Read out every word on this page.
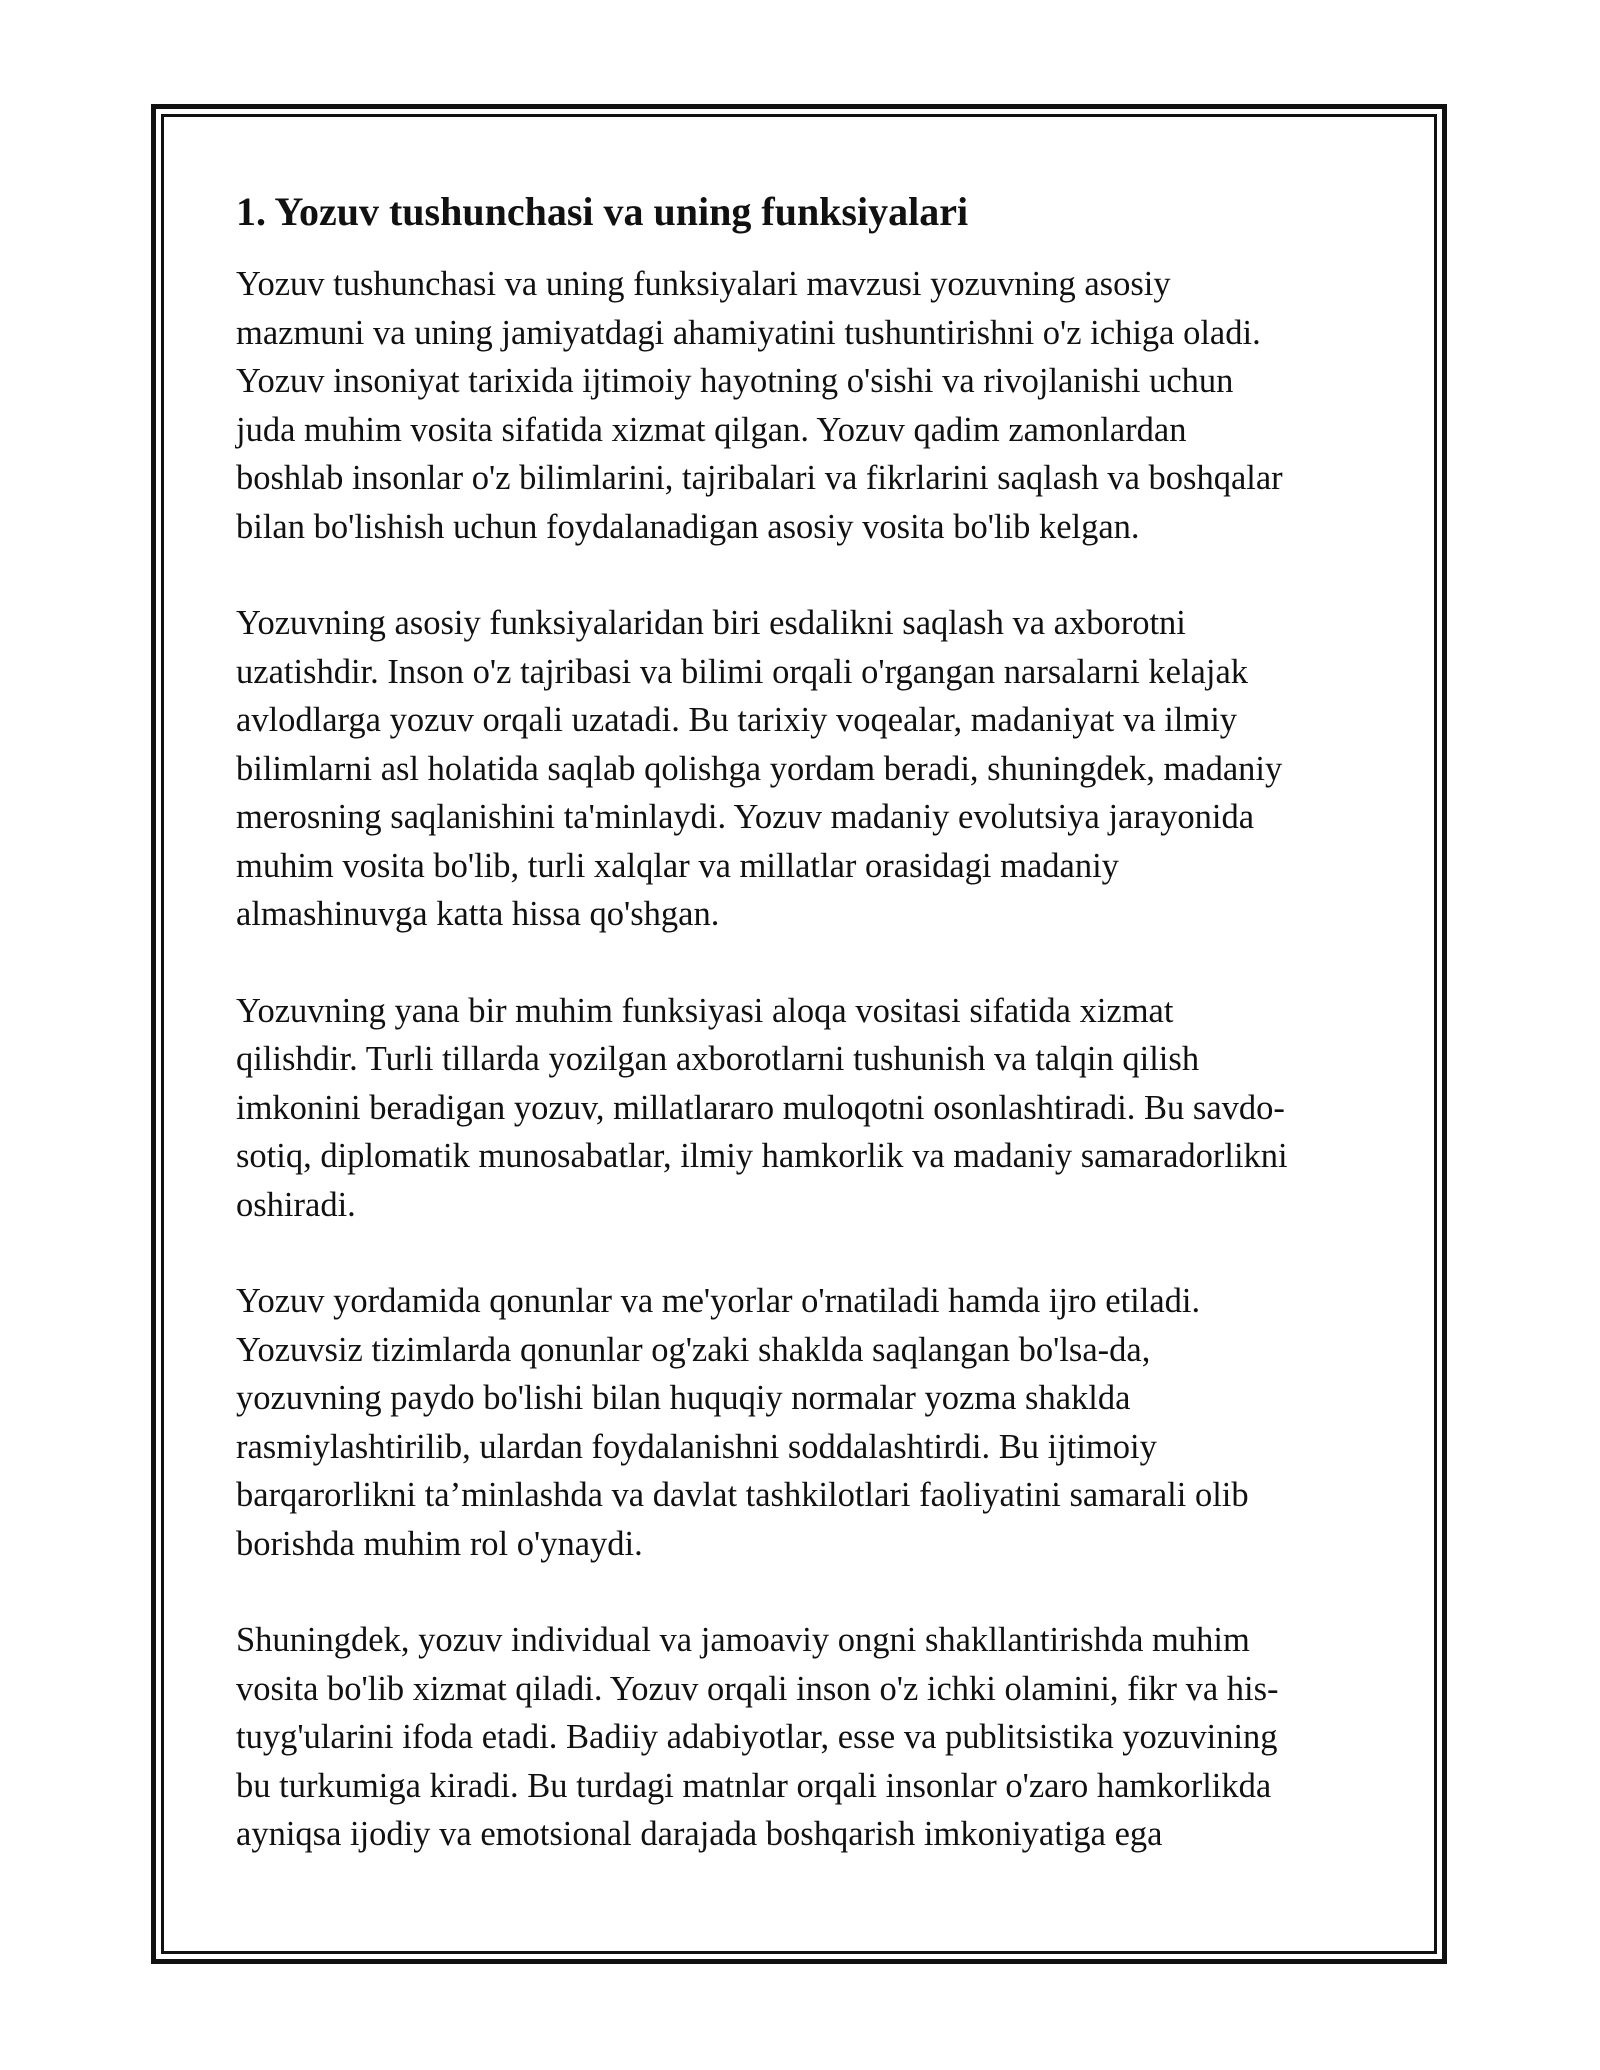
1. Yozuv tushunchasi va uning funksiyalari

Yozuv tushunchasi va uning funksiyalari mavzusi yozuvning asosiy
mazmuni va uning jamiyatdagi ahamiyatini tushuntirishni o'z ichiga oladi.
Yozuv insoniyat tarixida ijtimoiy hayotning o'sishi va rivojlanishi uchun
juda muhim vosita sifatida xizmat qilgan. Yozuv qadim zamonlardan
boshlab insonlar o'z bilimlarini, tajribalari va fikrlarini saqlash va boshqalar
bilan bo'lishish uchun foydalanadigan asosiy vosita bo'lib kelgan.

Yozuvning asosiy funksiyalaridan biri esdalikni saqlash va axborotni
uzatishdir. Inson o'z tajribasi va bilimi orqali o'rgangan narsalarni kelajak
avlodlarga yozuv orqali uzatadi. Bu tarixiy voqealar, madaniyat va ilmiy
bilimlarni asl holatida saqlab qolishga yordam beradi, shuningdek, madaniy
merosning saqlanishini ta'minlaydi. Yozuv madaniy evolutsiya jarayonida
muhim vosita bo'lib, turli xalqlar va millatlar orasidagi madaniy
almashinuvga katta hissa qo'shgan.

Yozuvning yana bir muhim funksiyasi aloqa vositasi sifatida xizmat
qilishdir. Turli tillarda yozilgan axborotlarni tushunish va talqin qilish
imkonini beradigan yozuv, millatlararo muloqotni osonlashtiradi. Bu savdo-
sotiq, diplomatik munosabatlar, ilmiy hamkorlik va madaniy samaradorlikni
oshiradi.

Yozuv yordamida qonunlar va me'yorlar o'rnatiladi hamda ijro etiladi.
Yozuvsiz tizimlarda qonunlar og'zaki shaklda saqlangan bo'lsa-da,
yozuvning paydo bo'lishi bilan huquqiy normalar yozma shaklda
rasmiylashtirilib, ulardan foydalanishni soddalashtirdi. Bu ijtimoiy
barqarorlikni ta’minlashda va davlat tashkilotlari faoliyatini samarali olib
borishda muhim rol o'ynaydi.

Shuningdek, yozuv individual va jamoaviy ongni shakllantirishda muhim
vosita bo'lib xizmat qiladi. Yozuv orqali inson o'z ichki olamini, fikr va his-
tuyg'ularini ifoda etadi. Badiiy adabiyotlar, esse va publitsistika yozuvining
bu turkumiga kiradi. Bu turdagi matnlar orqali insonlar o'zaro hamkorlikda
ayniqsa ijodiy va emotsional darajada boshqarish imkoniyatiga ega
